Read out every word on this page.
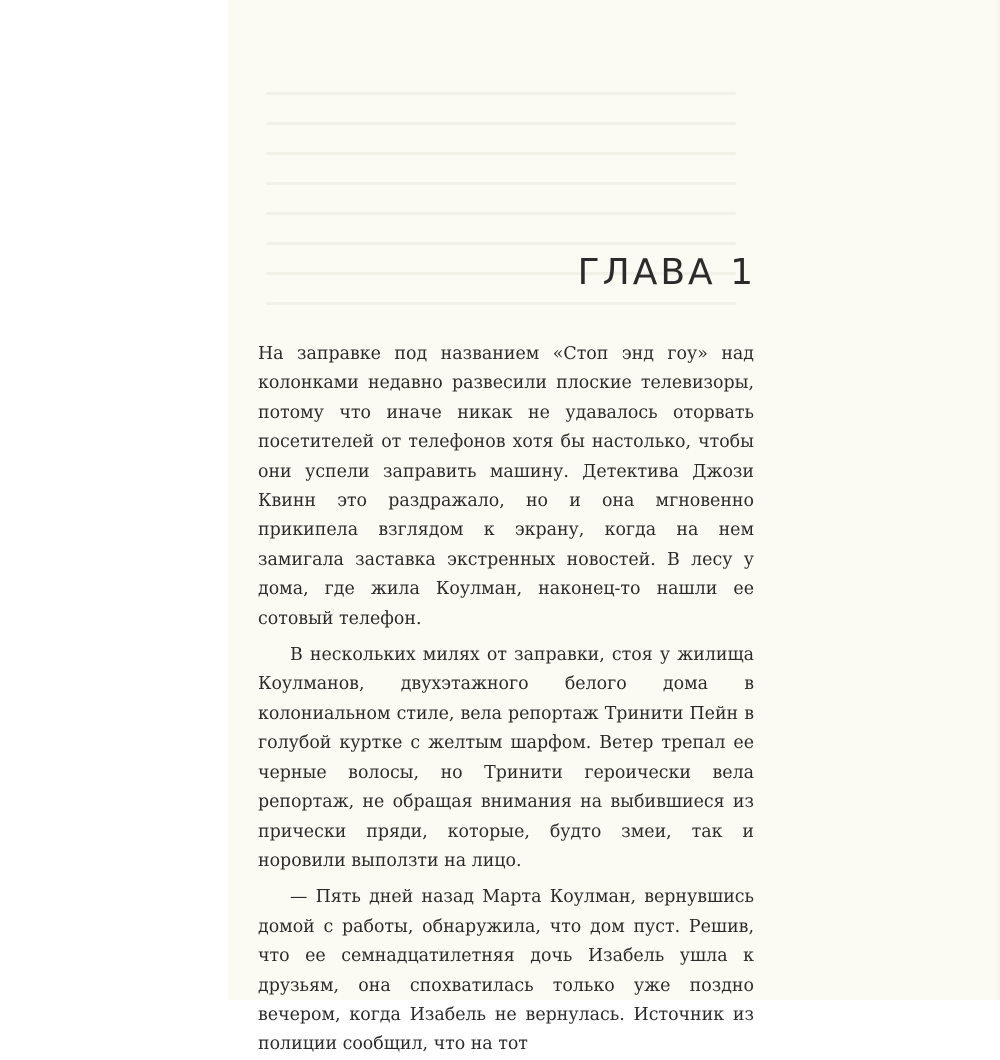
ГЛАВА 1

На заправке под названием «Стоп энд гоу» над колонками недавно развесили плоские телевизоры, потому что иначе никак не удавалось оторвать посетителей от телефонов хотя бы настолько, чтобы они успели заправить машину. Детектива Джози Квинн это раздражало, но и она мгновенно прикипела взглядом к экрану, когда на нем замигала заставка экстренных новостей. В лесу у дома, где жила Коулман, наконец-то нашли ее сотовый телефон.

В нескольких милях от заправки, стоя у жилища Коулманов, двухэтажного белого дома в колониальном стиле, вела репортаж Тринити Пейн в голубой куртке с желтым шарфом. Ветер трепал ее черные волосы, но Тринити героически вела репортаж, не обращая внимания на выбившиеся из прически пряди, которые, будто змеи, так и норовили выползти на лицо.

— Пять дней назад Марта Коулман, вернувшись домой с работы, обнаружила, что дом пуст. Решив, что ее семнадцатилетняя дочь Изабель ушла к друзьям, она спохватилась только уже поздно вечером, когда Изабель не вернулась. Источник из полиции сообщил, что на тот
